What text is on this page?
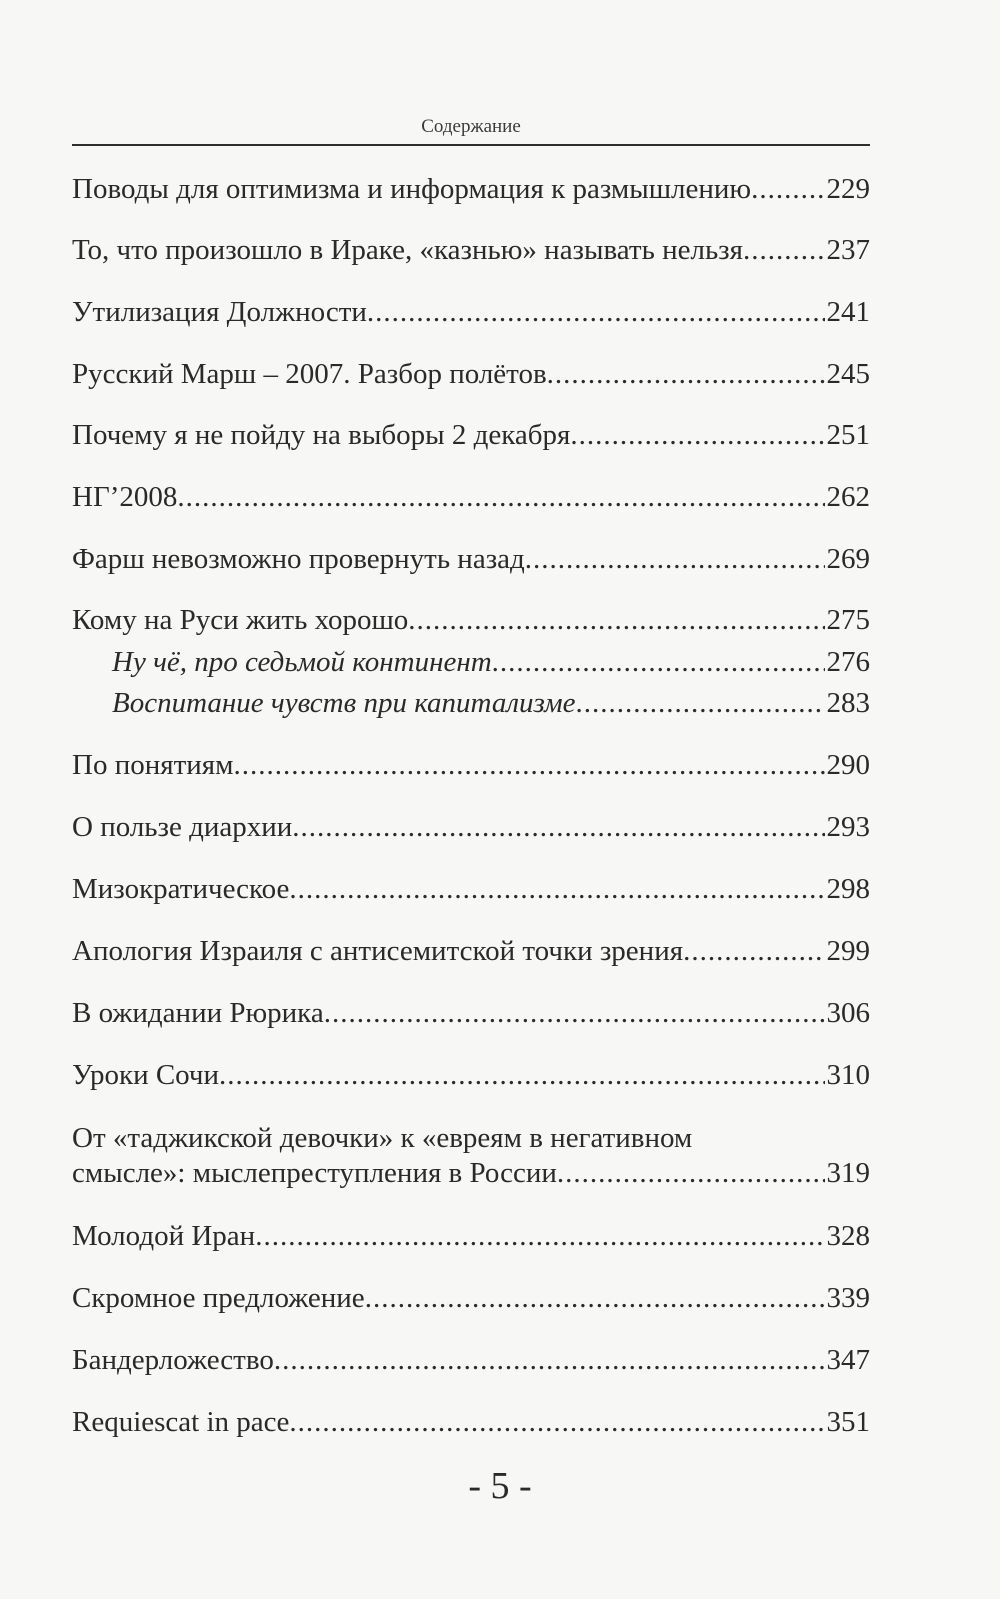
Содержание
Поводы для оптимизма и информация к размышлению .....	229
То, что произошло в Ираке, «казнью» называть нельзя .....	237
Утилизация Должности .....	241
Русский Марш – 2007. Разбор полётов .....	245
Почему я не пойду на выборы 2 декабря .....	251
НГ’2008 .....	262
Фарш невозможно провернуть назад .....	269
Кому на Руси жить хорошо .....	275
Ну чё, про седьмой континент .....	276
Воспитание чувств при капитализме .....	283
По понятиям .....	290
О пользе диархии .....	293
Мизократическое .....	298
Апология Израиля с антисемитской точки зрения .....	299
В ожидании Рюрика .....	306
Уроки Сочи .....	310
От «таджикской девочки» к «евреям в негативном
смысле»: мыслепреступления в России .....	319
Молодой Иран .....	328
Скромное предложение .....	339
Бандерложество .....	347
Requiescat in pace .....	351
- 5 -
